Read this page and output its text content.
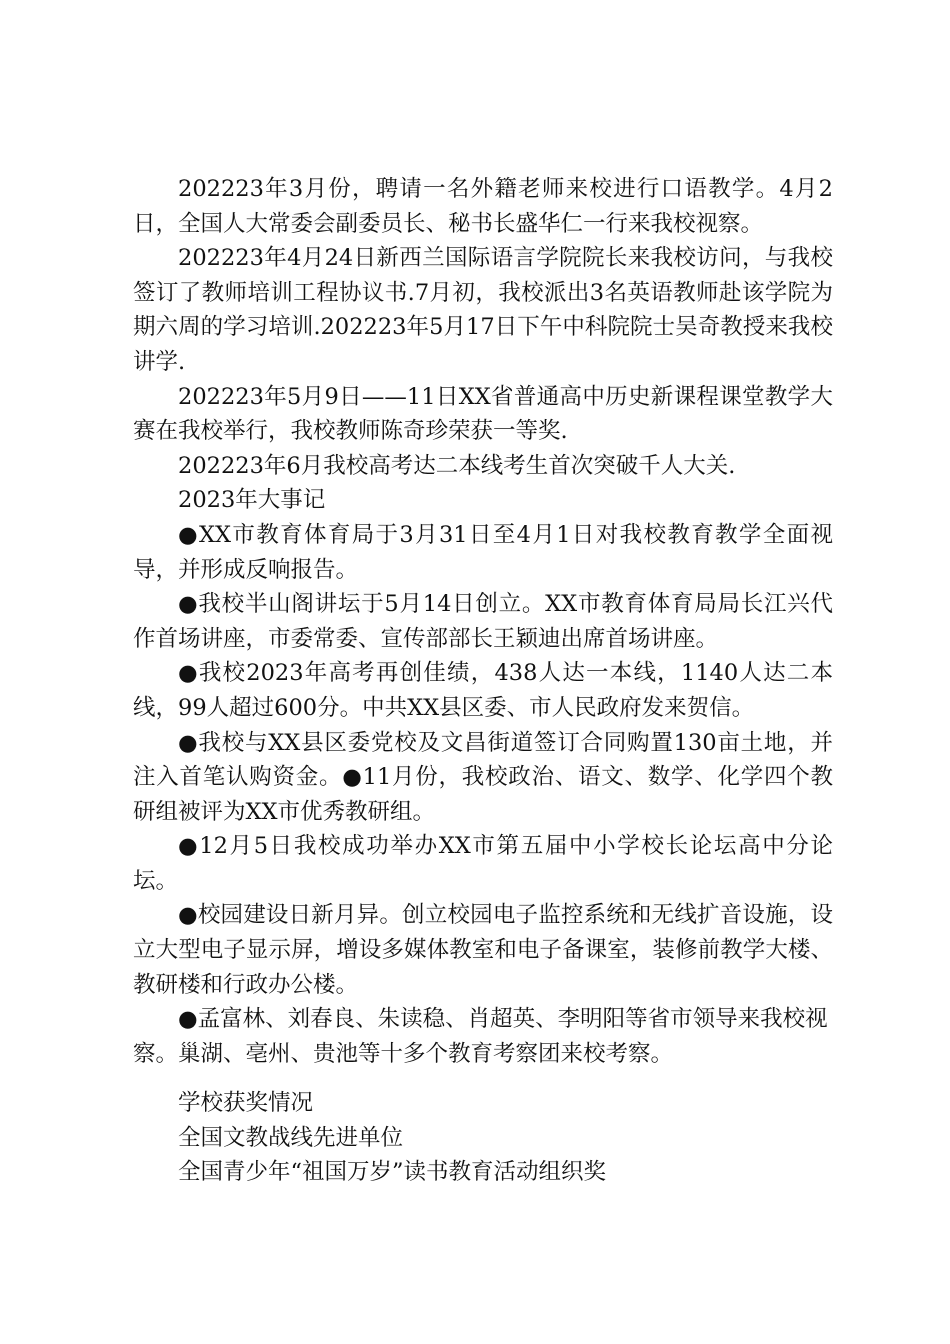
202223年3月份，聘请一名外籍老师来校进行口语教学。4月2日，全国人大常委会副委员长、秘书长盛华仁一行来我校视察。

202223年4月24日新西兰国际语言学院院长来我校访问，与我校签订了教师培训工程协议书.7月初，我校派出3名英语教师赴该学院为期六周的学习培训.202223年5月17日下午中科院院士吴奇教授来我校讲学.

202223年5月9日——11日XX省普通高中历史新课程课堂教学大赛在我校举行，我校教师陈奇珍荣获一等奖.

202223年6月我校高考达二本线考生首次突破千人大关.

2023年大事记

●XX市教育体育局于3月31日至4月1日对我校教育教学全面视导，并形成反响报告。

●我校半山阁讲坛于5月14日创立。XX市教育体育局局长江兴代作首场讲座，市委常委、宣传部部长王颖迪出席首场讲座。

●我校2023年高考再创佳绩，438人达一本线，1140人达二本线，99人超过600分。中共XX县区委、市人民政府发来贺信。

●我校与XX县区委党校及文昌街道签订合同购置130亩土地，并注入首笔认购资金。●11月份，我校政治、语文、数学、化学四个教研组被评为XX市优秀教研组。

●12月5日我校成功举办XX市第五届中小学校长论坛高中分论坛。

●校园建设日新月异。创立校园电子监控系统和无线扩音设施，设立大型电子显示屏，增设多媒体教室和电子备课室，装修前教学大楼、教研楼和行政办公楼。

●孟富林、刘春良、朱读稳、肖超英、李明阳等省市领导来我校视察。巢湖、亳州、贵池等十多个教育考察团来校考察。

学校获奖情况

全国文教战线先进单位

全国青少年“祖国万岁”读书教育活动组织奖
